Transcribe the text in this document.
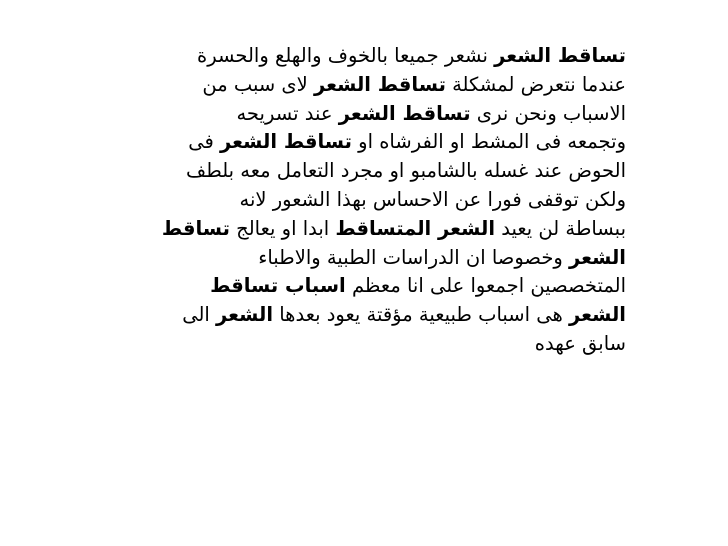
تساقط الشعر نشعر جميعا بالخوف والهلع والحسرة
عندما نتعرض لمشكلة تساقط الشعر لاى سبب من
الاسباب ونحن نرى تساقط الشعر عند تسريحه
وتجمعه فى المشط او الفرشاه او تساقط الشعر فى
الحوض عند غسله بالشامبو او مجرد التعامل معه بلطف
ولكن توقفى فورا عن الاحساس بهذا الشعور لانه
ببساطة لن يعيد الشعر المتساقط ابدا او يعالج تساقط
الشعر وخصوصا ان الدراسات الطبية والاطباء
المتخصصين اجمعوا على انا معظم اسباب تساقط
الشعر هى اسباب طبيعية مؤقتة يعود بعدها الشعر الى
سابق عهده
